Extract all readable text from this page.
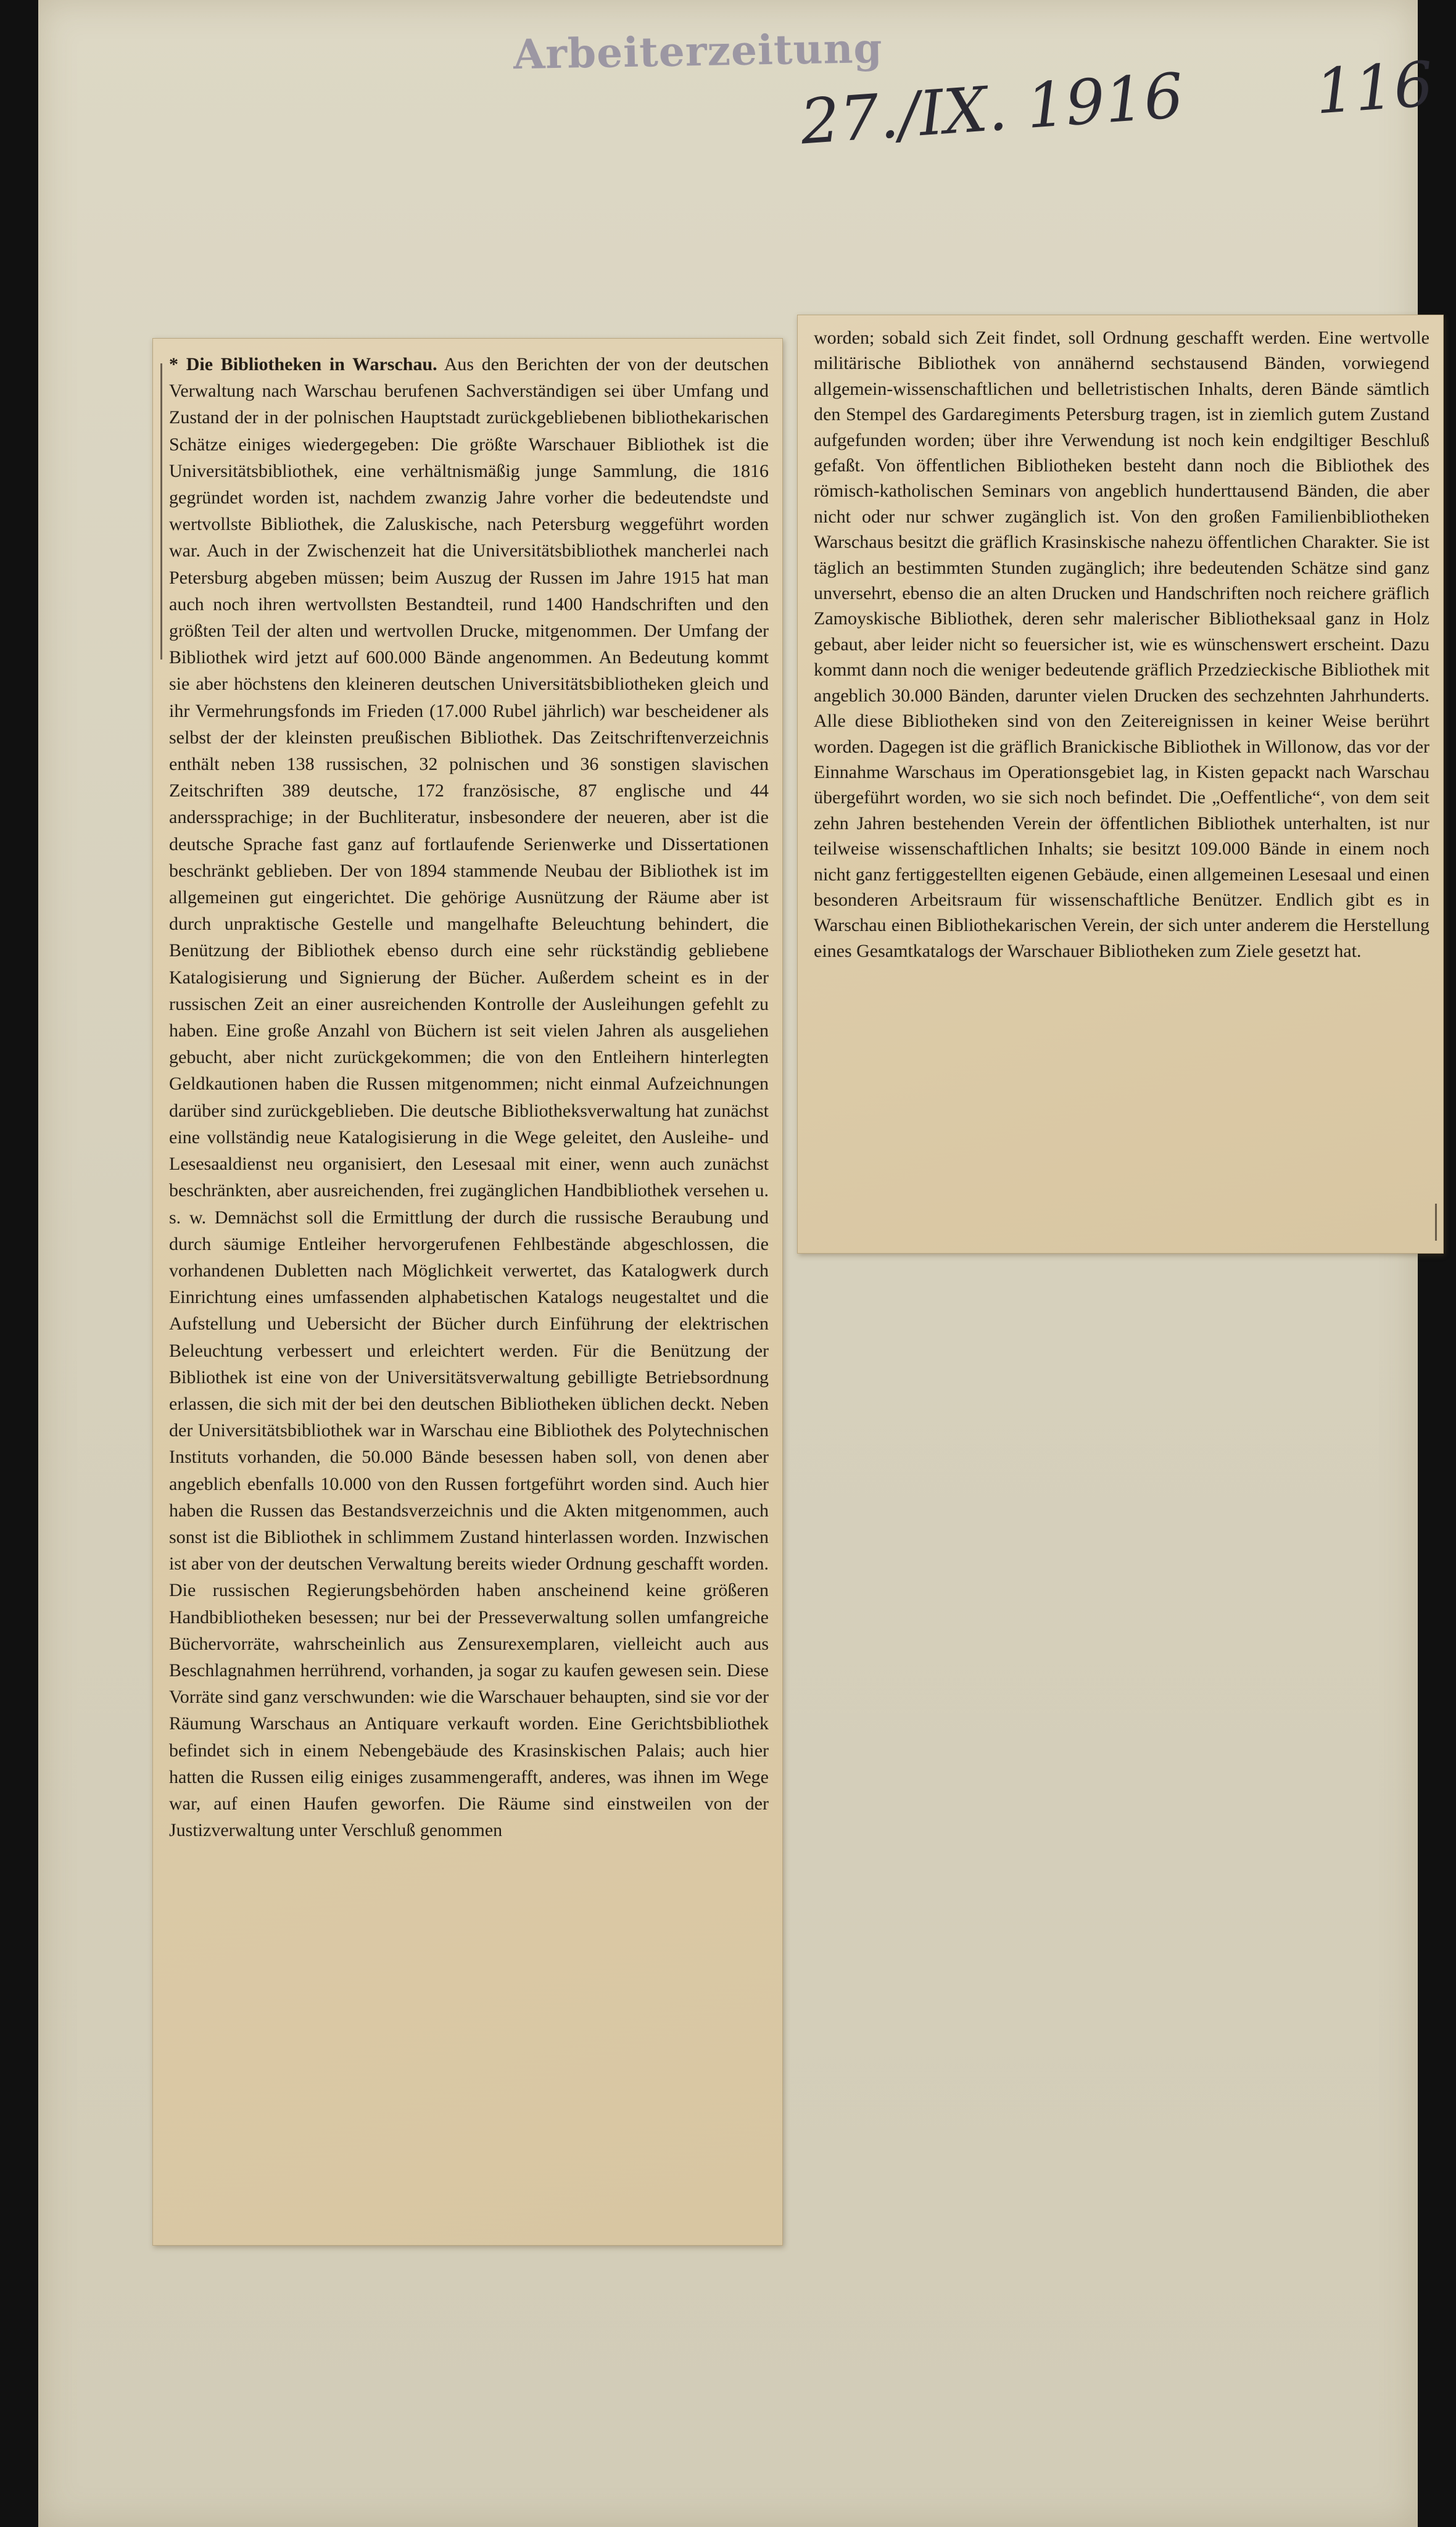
Arbeiterzeitung
27./IX. 1916 116

* Die Bibliotheken in Warschau. Aus den Berichten der von der deutschen Verwaltung nach Warschau berufenen Sachverständigen sei über Umfang und Zustand der in der polnischen Hauptstadt zurückgebliebenen bibliothekarischen Schätze einiges wiedergegeben: Die größte Warschauer Bibliothek ist die Universitätsbibliothek, eine verhältnismäßig junge Sammlung, die 1816 gegründet worden ist, nachdem zwanzig Jahre vorher die bedeutendste und wertvollste Bibliothek, die Zaluskische, nach Petersburg weggeführt worden war. Auch in der Zwischenzeit hat die Universitätsbibliothek mancherlei nach Petersburg abgeben müssen; beim Auszug der Russen im Jahre 1915 hat man auch noch ihren wertvollsten Bestandteil, rund 1400 Handschriften und den größten Teil der alten und wertvollen Drucke, mitgenommen. Der Umfang der Bibliothek wird jetzt auf 600.000 Bände angenommen. An Bedeutung kommt sie aber höchstens den kleineren deutschen Universitätsbibliotheken gleich und ihr Vermehrungsfonds im Frieden (17.000 Rubel jährlich) war bescheidener als selbst der der kleinsten preußischen Bibliothek. Das Zeitschriftenverzeichnis enthält neben 138 russischen, 32 polnischen und 36 sonstigen slavischen Zeitschriften 389 deutsche, 172 französische, 87 englische und 44 anderssprachige; in der Buchliteratur, insbesondere der neueren, aber ist die deutsche Sprache fast ganz auf fortlaufende Serienwerke und Dissertationen beschränkt geblieben. Der von 1894 stammende Neubau der Bibliothek ist im allgemeinen gut eingerichtet. Die gehörige Ausnützung der Räume aber ist durch unpraktische Gestelle und mangelhafte Beleuchtung behindert, die Benützung der Bibliothek ebenso durch eine sehr rückständig gebliebene Katalogisierung und Signierung der Bücher. Außerdem scheint es in der russischen Zeit an einer ausreichenden Kontrolle der Ausleihungen gefehlt zu haben. Eine große Anzahl von Büchern ist seit vielen Jahren als ausgeliehen gebucht, aber nicht zurückgekommen; die von den Entleihern hinterlegten Geldkautionen haben die Russen mitgenommen; nicht einmal Aufzeichnungen darüber sind zurückgeblieben. Die deutsche Bibliotheksverwaltung hat zunächst eine vollständig neue Katalogisierung in die Wege geleitet, den Ausleihe- und Lesesaaldienst neu organisiert, den Lesesaal mit einer, wenn auch zunächst beschränkten, aber ausreichenden, frei zugänglichen Handbibliothek versehen u. s. w. Demnächst soll die Ermittlung der durch die russische Beraubung und durch säumige Entleiher hervorgerufenen Fehlbestände abgeschlossen, die vorhandenen Dubletten nach Möglichkeit verwertet, das Katalogwerk durch Einrichtung eines umfassenden alphabetischen Katalogs neugestaltet und die Aufstellung und Uebersicht der Bücher durch Einführung der elektrischen Beleuchtung verbessert und erleichtert werden. Für die Benützung der Bibliothek ist eine von der Universitätsverwaltung gebilligte Betriebsordnung erlassen, die sich mit der bei den deutschen Bibliotheken üblichen deckt. Neben der Universitätsbibliothek war in Warschau eine Bibliothek des Polytechnischen Instituts vorhanden, die 50.000 Bände besessen haben soll, von denen aber angeblich ebenfalls 10.000 von den Russen fortgeführt worden sind. Auch hier haben die Russen das Bestandsverzeichnis und die Akten mitgenommen, auch sonst ist die Bibliothek in schlimmem Zustand hinterlassen worden. Inzwischen ist aber von der deutschen Verwaltung bereits wieder Ordnung geschafft worden. Die russischen Regierungsbehörden haben anscheinend keine größeren Handbibliotheken besessen; nur bei der Presseverwaltung sollen umfangreiche Büchervorräte, wahrscheinlich aus Zensurexemplaren, vielleicht auch aus Beschlagnahmen herrührend, vorhanden, ja sogar zu kaufen gewesen sein. Diese Vorräte sind ganz verschwunden: wie die Warschauer behaupten, sind sie vor der Räumung Warschaus an Antiquare verkauft worden. Eine Gerichtsbibliothek befindet sich in einem Nebengebäude des Krasinskischen Palais; auch hier hatten die Russen eilig einiges zusammengerafft, anderes, was ihnen im Wege war, auf einen Haufen geworfen. Die Räume sind einstweilen von der Justizverwaltung unter Verschluß genommen

worden; sobald sich Zeit findet, soll Ordnung geschafft werden. Eine wertvolle militärische Bibliothek von annähernd sechstausend Bänden, vorwiegend allgemein-wissenschaftlichen und belletristischen Inhalts, deren Bände sämtlich den Stempel des Gardaregiments Petersburg tragen, ist in ziemlich gutem Zustand aufgefunden worden; über ihre Verwendung ist noch kein endgiltiger Beschluß gefaßt. Von öffentlichen Bibliotheken besteht dann noch die Bibliothek des römisch-katholischen Seminars von angeblich hunderttausend Bänden, die aber nicht oder nur schwer zugänglich ist. Von den großen Familienbibliotheken Warschaus besitzt die gräflich Krasinskische nahezu öffentlichen Charakter. Sie ist täglich an bestimmten Stunden zugänglich; ihre bedeutenden Schätze sind ganz unversehrt, ebenso die an alten Drucken und Handschriften noch reichere gräflich Zamoyskische Bibliothek, deren sehr malerischer Bibliotheksaal ganz in Holz gebaut, aber leider nicht so feuersicher ist, wie es wünschenswert erscheint. Dazu kommt dann noch die weniger bedeutende gräflich Przedzieckische Bibliothek mit angeblich 30.000 Bänden, darunter vielen Drucken des sechzehnten Jahrhunderts. Alle diese Bibliotheken sind von den Zeitereignissen in keiner Weise berührt worden. Dagegen ist die gräflich Branickische Bibliothek in Willonow, das vor der Einnahme Warschaus im Operationsgebiet lag, in Kisten gepackt nach Warschau übergeführt worden, wo sie sich noch befindet. Die „Oeffentliche“, von dem seit zehn Jahren bestehenden Verein der öffentlichen Bibliothek unterhalten, ist nur teilweise wissenschaftlichen Inhalts; sie besitzt 109.000 Bände in einem noch nicht ganz fertiggestellten eigenen Gebäude, einen allgemeinen Lesesaal und einen besonderen Arbeitsraum für wissenschaftliche Benützer. Endlich gibt es in Warschau einen Bibliothekarischen Verein, der sich unter anderem die Herstellung eines Gesamtkatalogs der Warschauer Bibliotheken zum Ziele gesetzt hat.
